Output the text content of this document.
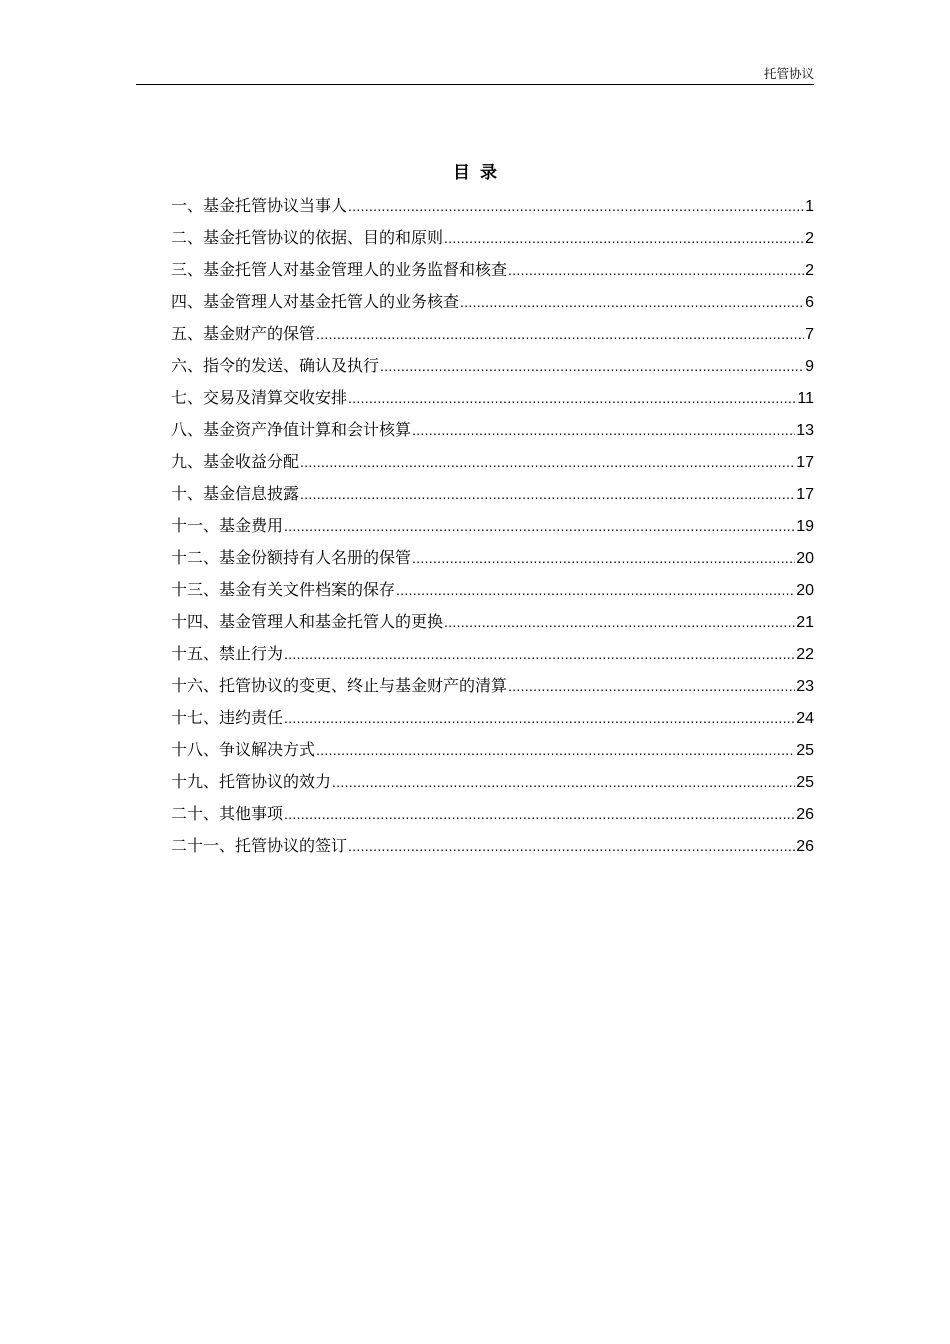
托管协议
目录
一、基金托管协议当事人 .....	1
二、基金托管协议的依据、目的和原则 .....	2
三、基金托管人对基金管理人的业务监督和核查 .....	2
四、基金管理人对基金托管人的业务核查 .....	6
五、基金财产的保管 .....	7
六、指令的发送、确认及执行 .....	9
七、交易及清算交收安排 .....	11
八、基金资产净值计算和会计核算 .....	13
九、基金收益分配 .....	17
十、基金信息披露 .....	17
十一、基金费用 .....	19
十二、基金份额持有人名册的保管 .....	20
十三、基金有关文件档案的保存 .....	20
十四、基金管理人和基金托管人的更换 .....	21
十五、禁止行为 .....	22
十六、托管协议的变更、终止与基金财产的清算 .....	23
十七、违约责任 .....	24
十八、争议解决方式 .....	25
十九、托管协议的效力 .....	25
二十、其他事项 .....	26
二十一、托管协议的签订 .....	26
